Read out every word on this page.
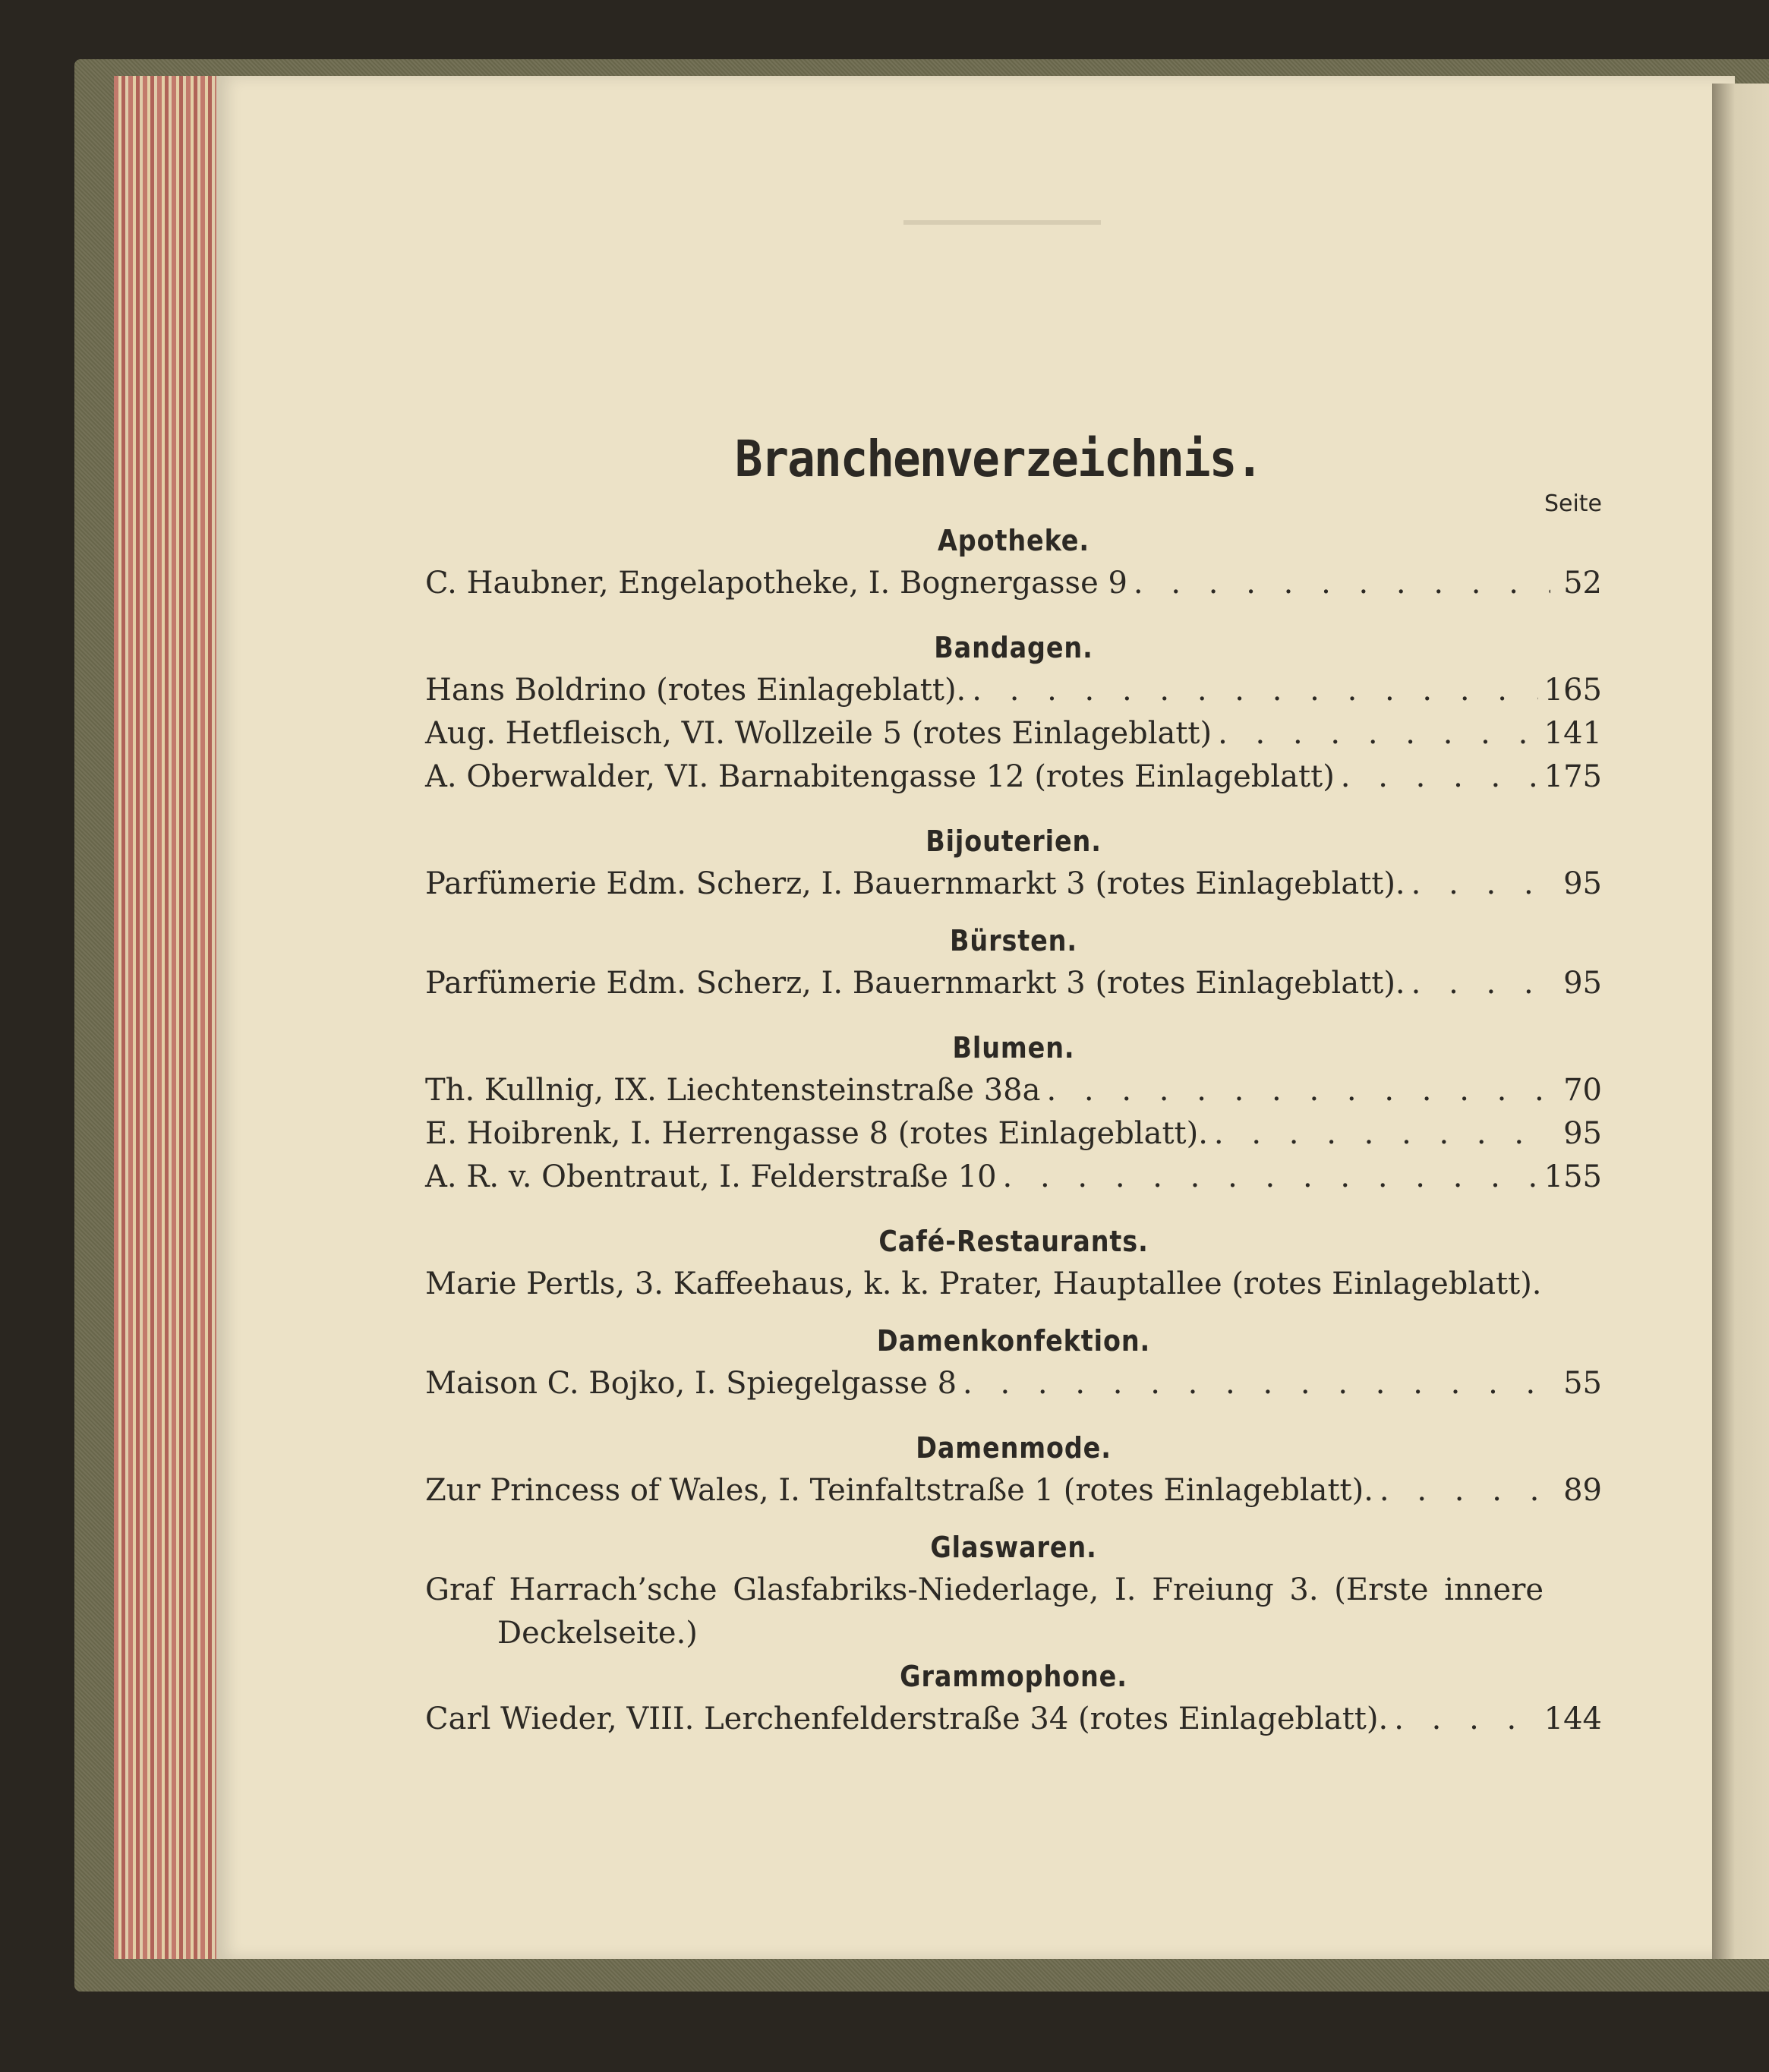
Branchenverzeichnis.
Seite
Apotheke.
C. Haubner, Engelapotheke, I. Bognergasse 9 . . .	52
Bandagen.
Hans Boldrino (rotes Einlageblatt). . . .	165
Aug. Hetfleisch, VI. Wollzeile 5 (rotes Einlageblatt) . . .	141
A. Oberwalder, VI. Barnabitengasse 12 (rotes Einlageblatt) . . .	175
Bijouterien.
Parfümerie Edm. Scherz, I. Bauernmarkt 3 (rotes Einlageblatt). . . .	95
Bürsten.
Parfümerie Edm. Scherz, I. Bauernmarkt 3 (rotes Einlageblatt). . . .	95
Blumen.
Th. Kullnig, IX. Liechtensteinstraße 38a . . .	70
E. Hoibrenk, I. Herrengasse 8 (rotes Einlageblatt). . . .	95
A. R. v. Obentraut, I. Felderstraße 10 . . .	155
Café-Restaurants.
Marie Pertls, 3. Kaffeehaus, k. k. Prater, Hauptallee (rotes Einlageblatt).
Damenkonfektion.
Maison C. Bojko, I. Spiegelgasse 8 . . .	55
Damenmode.
Zur Princess of Wales, I. Teinfaltstraße 1 (rotes Einlageblatt). . . .	89
Glaswaren.
Graf Harrach’sche Glasfabriks-Niederlage, I. Freiung 3. (Erste innere Deckelseite.)
Grammophone.
Carl Wieder, VIII. Lerchenfelderstraße 34 (rotes Einlageblatt). . . .	144
